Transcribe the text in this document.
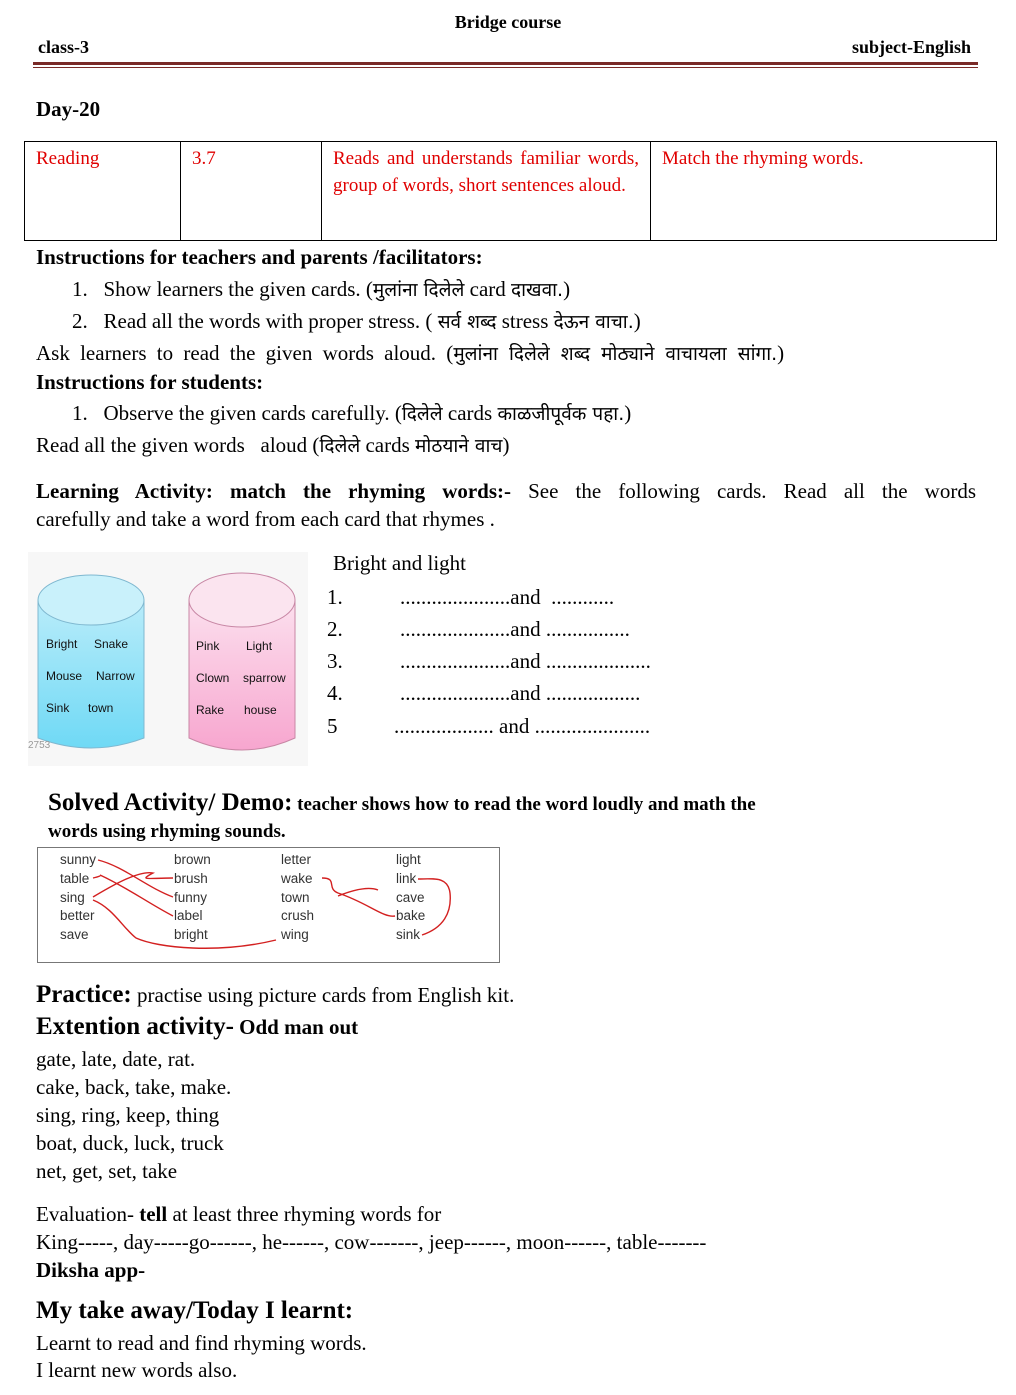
Bridge course
class-3	subject-English
Day-20
Reading	3.7	Reads and understands familiar words, group of words, short sentences aloud.	Match the rhyming words.
Instructions for teachers and parents /facilitators:
1. Show learners the given cards. (मुलांना दिलेले card दाखवा.)
2. Read all the words with proper stress. ( सर्व शब्द stress देऊन वाचा.)
Ask learners to read the given words aloud. (मुलांना दिलेले शब्द मोठ्याने वाचायला सांगा.)
Instructions for students:
1. Observe the given cards carefully. (दिलेले cards काळजीपूर्वक पहा.)
Read all the given words   aloud (दिलेले cards मोठयाने वाच)
Learning Activity: match the rhyming words:- See the following cards. Read all the words
carefully and take a word from each card that rhymes .
Bright Snake
Mouse Narrow
Sink town
Pink Light
Clown sparrow
Rake house
2753
Bright and light
1.	.....................and  ............
2.	.....................and ................
3.	.....................and ....................
4.	.....................and ..................
5	................... and ......................
Solved Activity/ Demo: teacher shows how to read the word loudly and math the
words using rhyming sounds.
sunny
table
sing
better
save
brown
brush
funny
label
bright
letter
wake
town
crush
wing
light
link
cave
bake
sink
Practice: practise using picture cards from English kit.
Extention activity- Odd man out
gate, late, date, rat.
cake, back, take, make.
sing, ring, keep, thing
boat, duck, luck, truck
net, get, set, take
Evaluation- tell at least three rhyming words for
King-----, day-----go------, he------, cow-------, jeep------, moon------, table-------
Diksha app-
My take away/Today I learnt:
Learnt to read and find rhyming words.
I learnt new words also.
